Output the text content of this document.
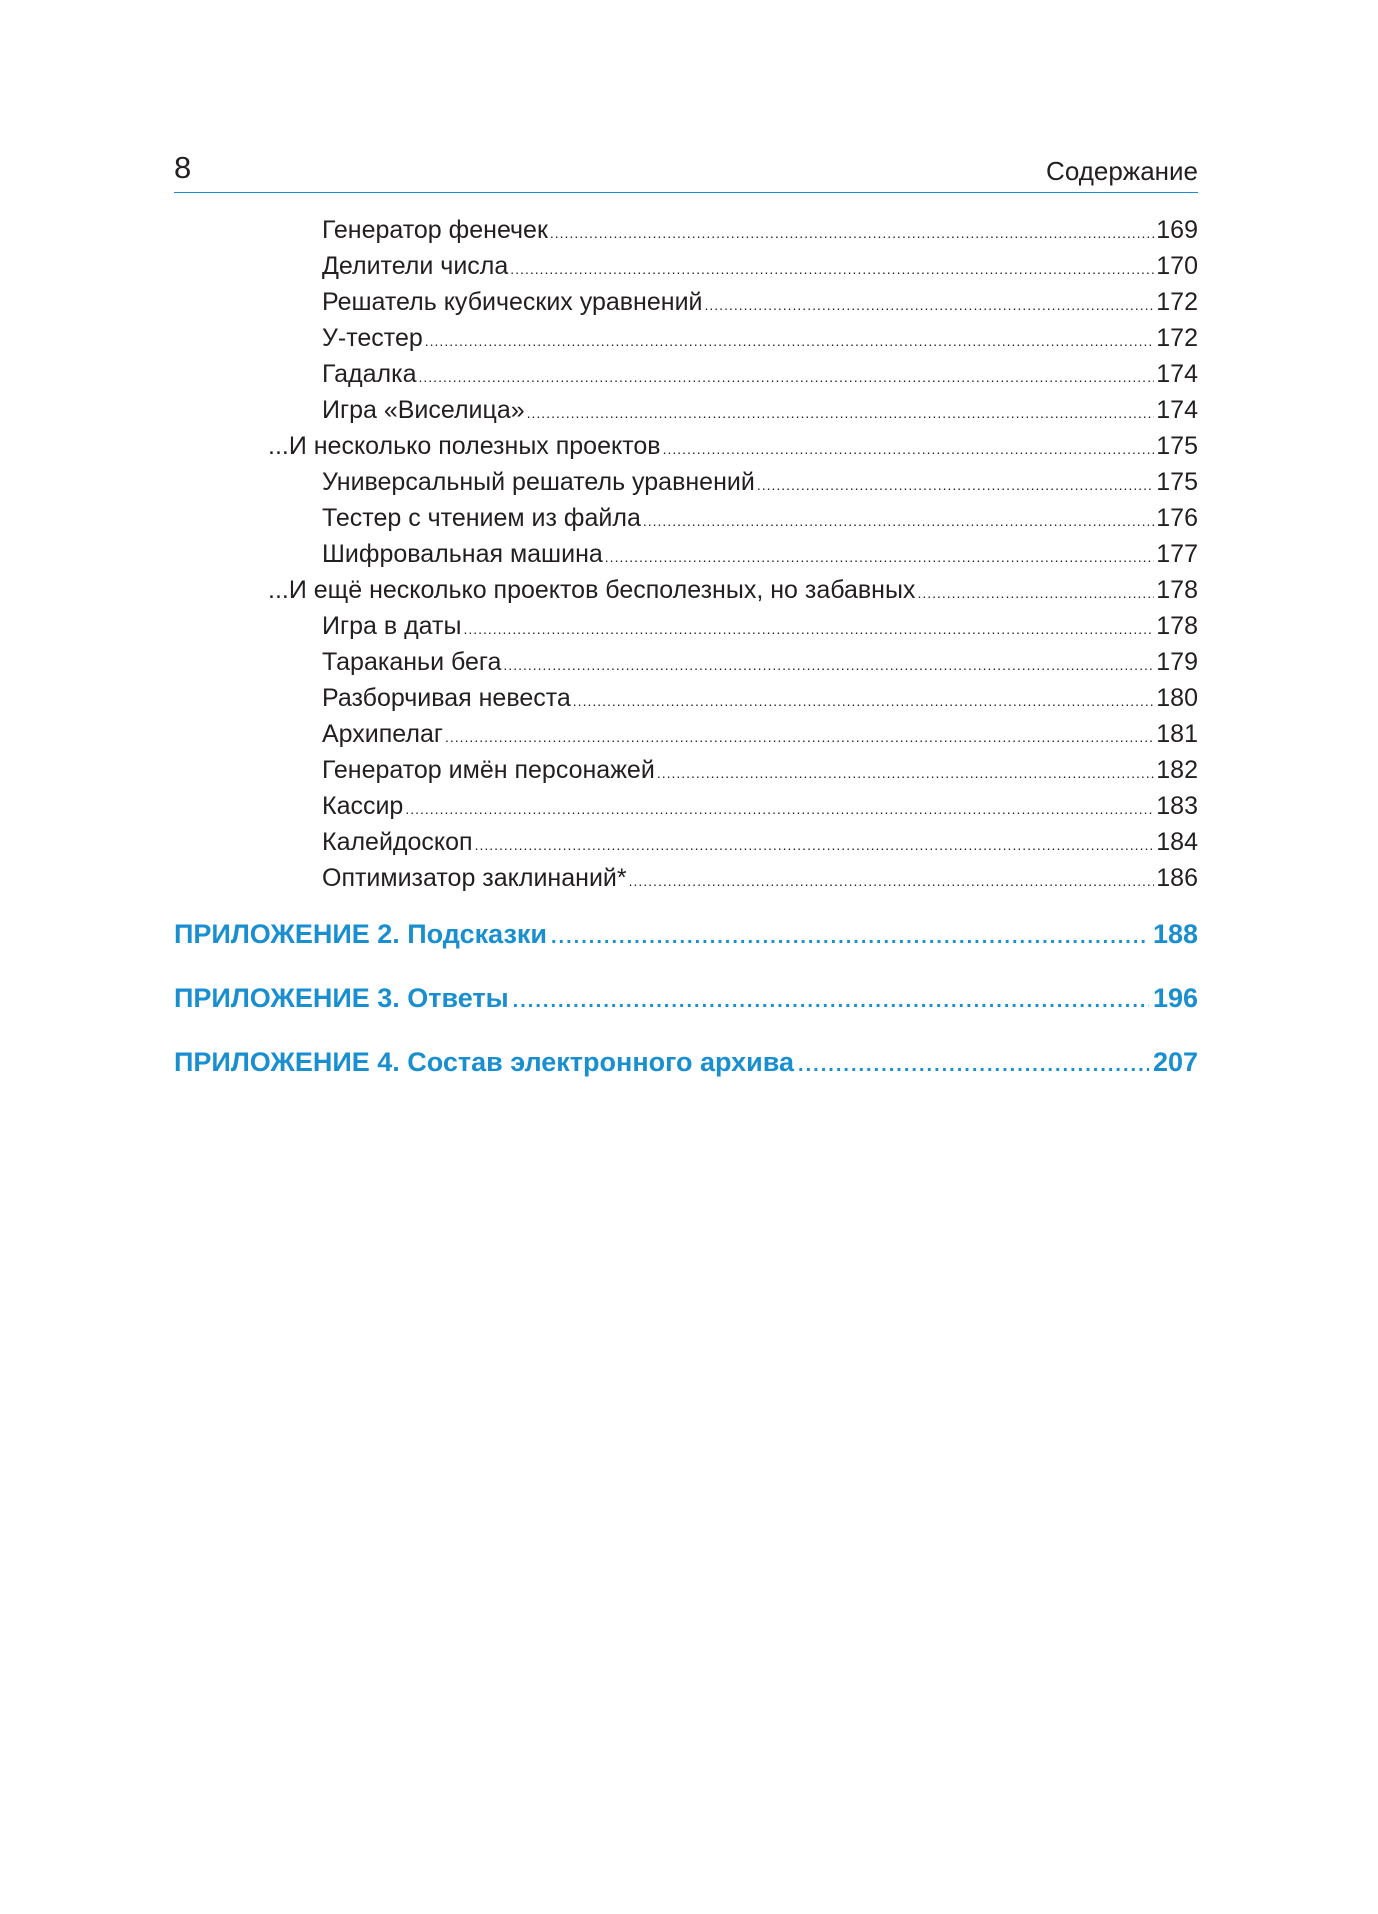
8	Содержание
Генератор фенечек .....	169
Делители числа .....	170
Решатель кубических уравнений .....	172
У-тестер .....	172
Гадалка .....	174
Игра «Виселица» .....	174
...И несколько полезных проектов .....	175
Универсальный решатель уравнений .....	175
Тестер с чтением из файла .....	176
Шифровальная машина .....	177
...И ещё несколько проектов бесполезных, но забавных .....	178
Игра в даты .....	178
Тараканьи бега .....	179
Разборчивая невеста .....	180
Архипелаг .....	181
Генератор имён персонажей .....	182
Кассир .....	183
Калейдоскоп .....	184
Оптимизатор заклинаний* .....	186
ПРИЛОЖЕНИЕ 2. Подсказки .....	188
ПРИЛОЖЕНИЕ 3. Ответы .....	196
ПРИЛОЖЕНИЕ 4. Состав электронного архива .....	207
